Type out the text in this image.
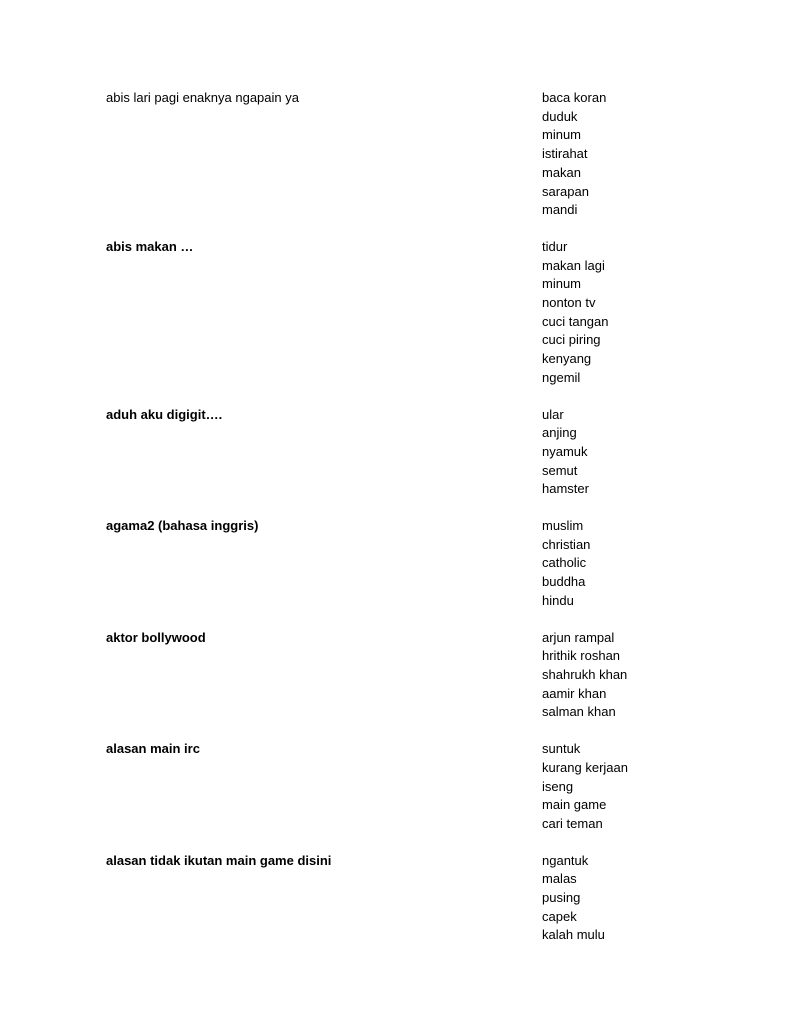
abis lari pagi enaknya ngapain ya	baca koran
duduk
minum
istirahat
makan
sarapan
mandi
abis makan …	tidur
makan lagi
minum
nonton tv
cuci tangan
cuci piring
kenyang
ngemil
aduh aku digigit….	ular
anjing
nyamuk
semut
hamster
agama2 (bahasa inggris)	muslim
christian
catholic
buddha
hindu
aktor bollywood	arjun rampal
hrithik roshan
shahrukh khan
aamir khan
salman khan
alasan main irc	suntuk
kurang kerjaan
iseng
main game
cari teman
alasan tidak ikutan main game disini	ngantuk
malas
pusing
capek
kalah mulu
